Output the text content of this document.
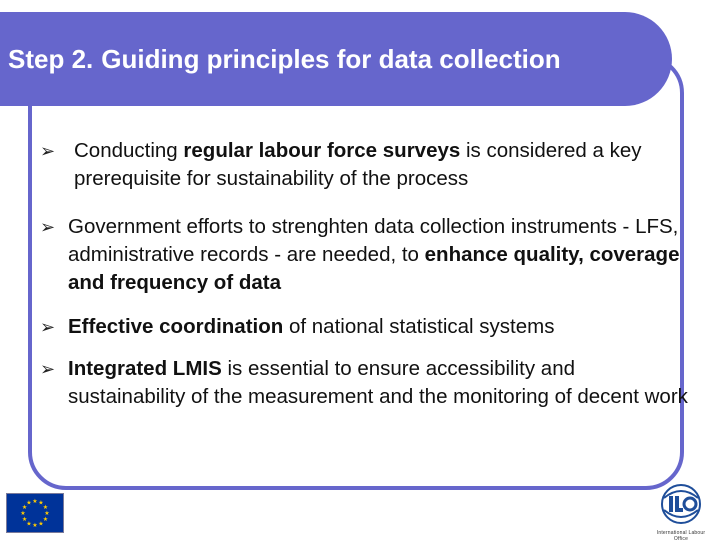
Step 2. Guiding principles for data collection
➢ Conducting regular labour force surveys is considered a key prerequisite for sustainability of the process
➢ Government efforts to strenghten data collection instruments - LFS, administrative records - are needed, to enhance quality, coverage and frequency of data
➢ Effective coordination of national statistical systems
➢ Integrated LMIS is essential to ensure accessibility and sustainability of the measurement and the monitoring of decent work
★ ★
★
★
★
★
★
★
★
★
★
★
International Labour Office
